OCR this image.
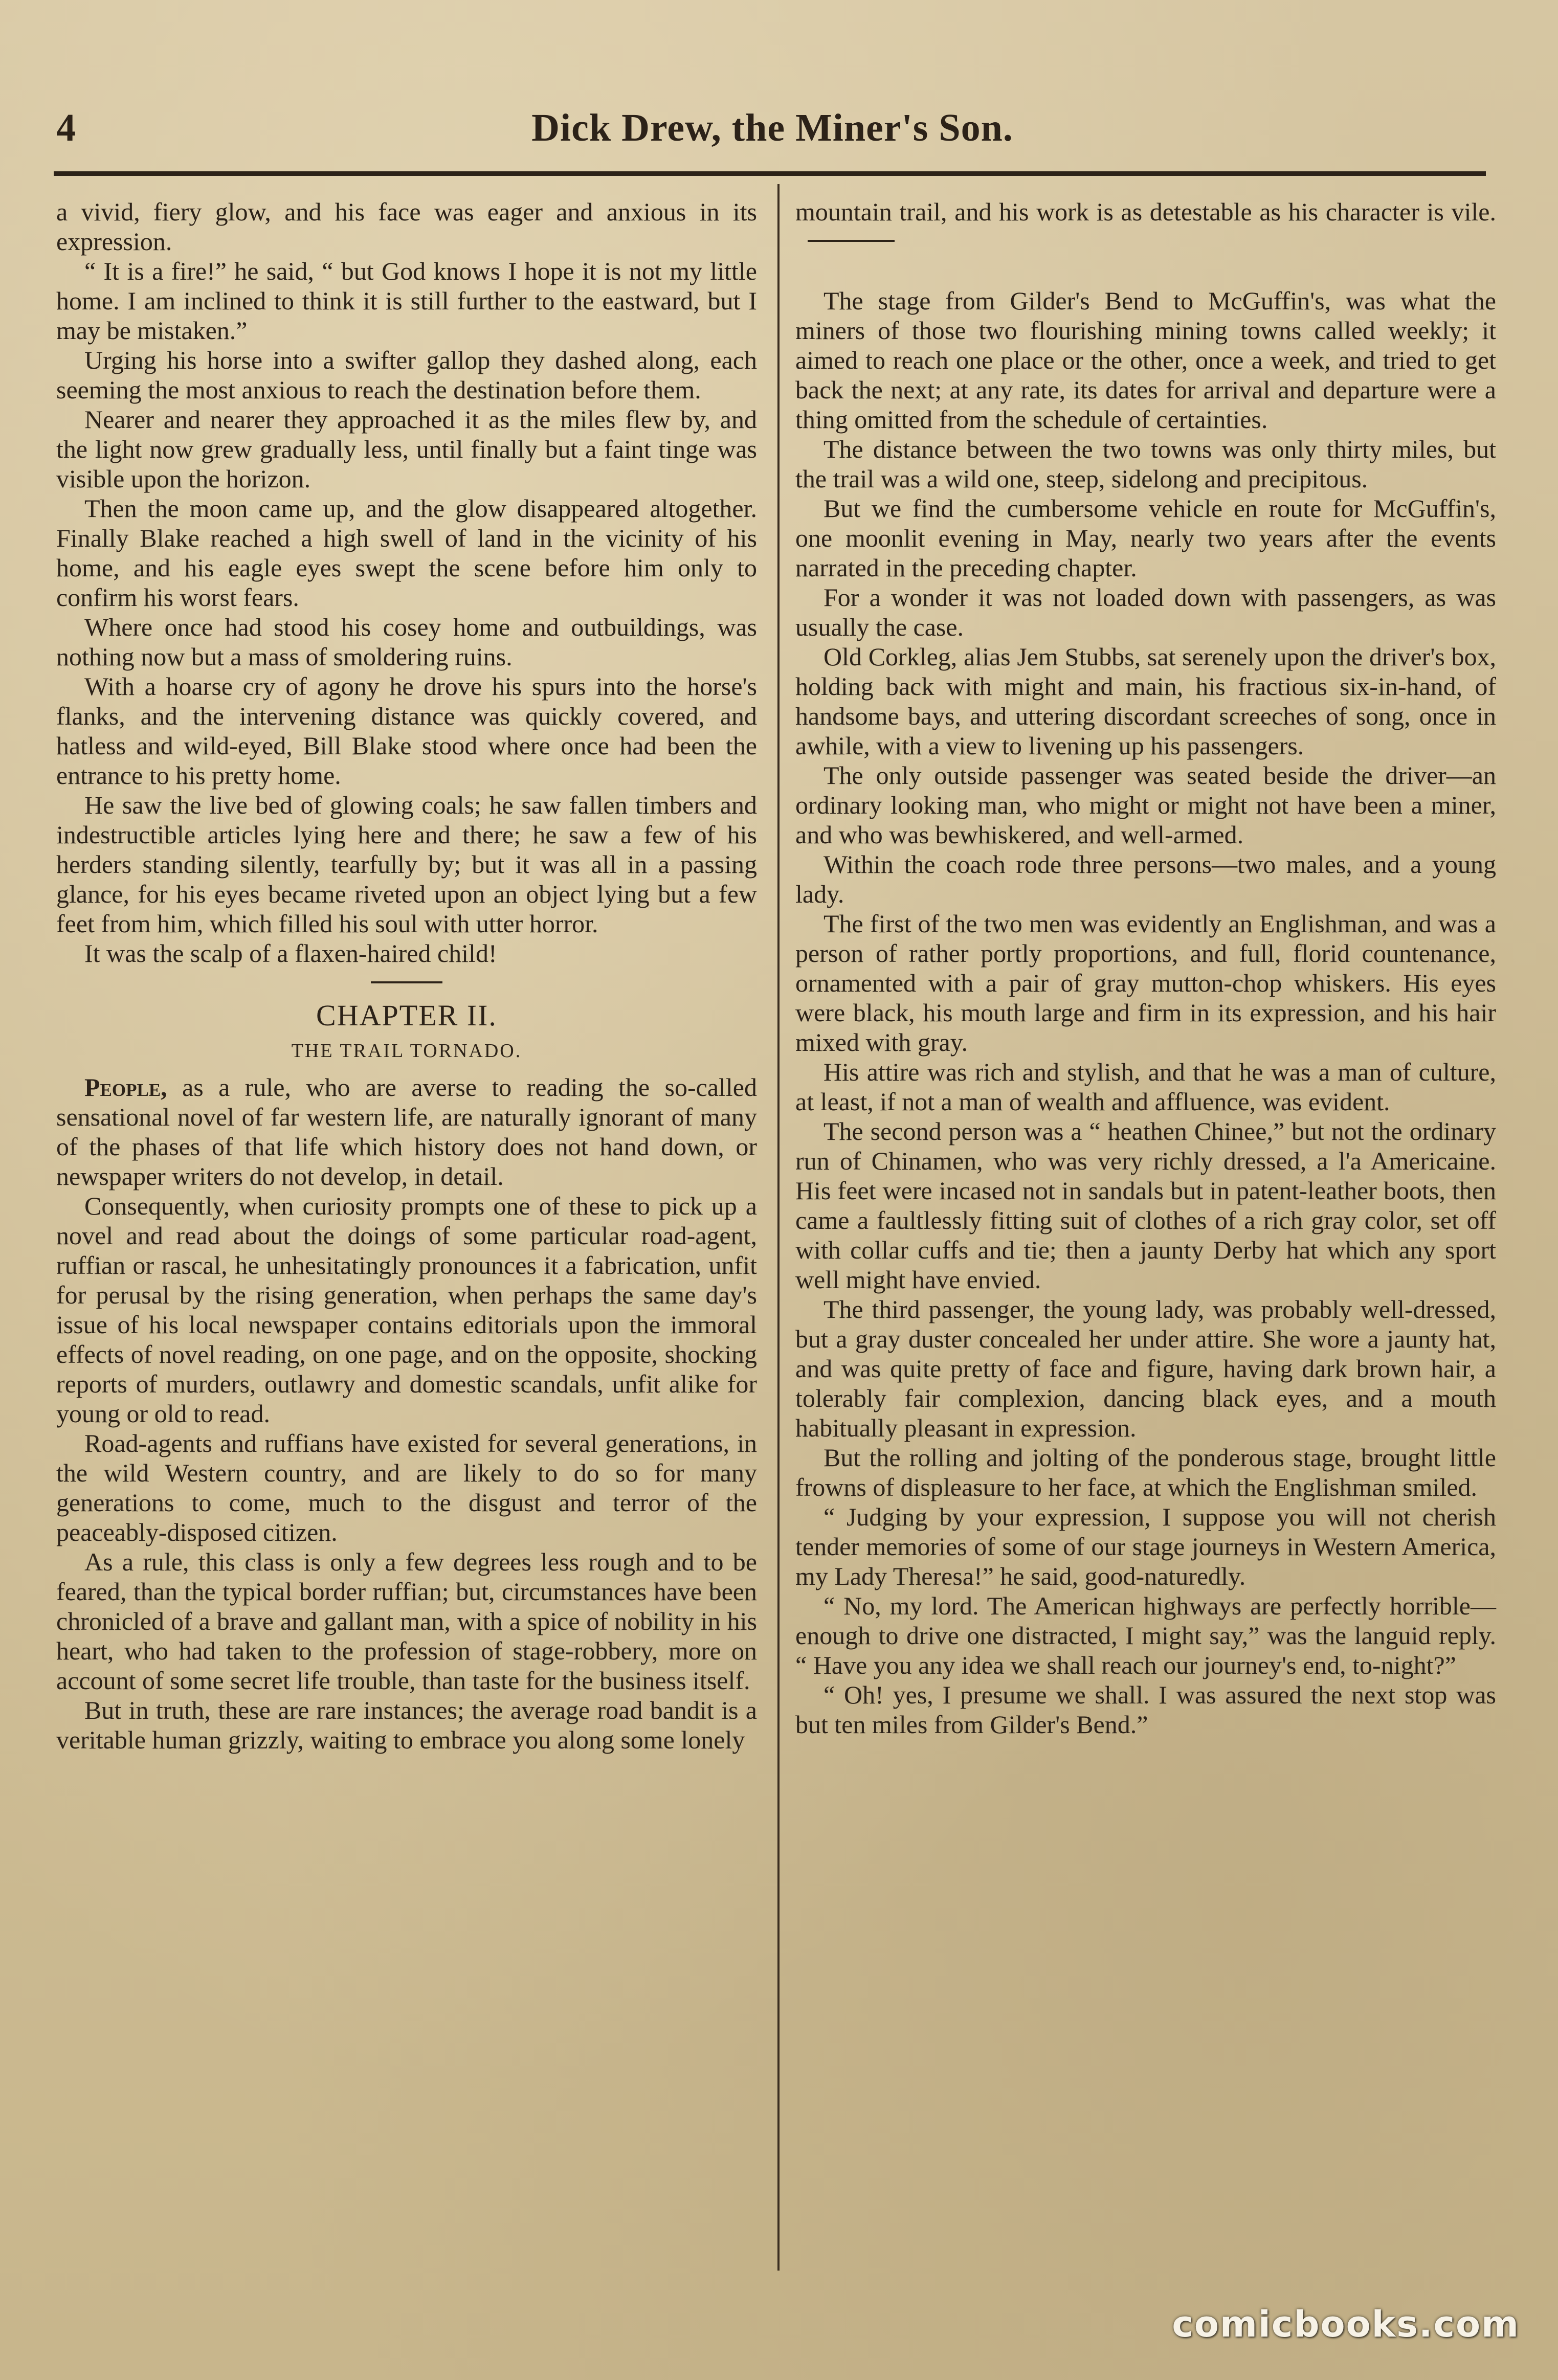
4	Dick Drew, the Miner's Son.

a vivid, fiery glow, and his face was eager and anxious in its expression.

“ It is a fire!” he said, “ but God knows I hope it is not my little home. I am inclined to think it is still further to the eastward, but I may be mistaken.”

Urging his horse into a swifter gallop they dashed along, each seeming the most anxious to reach the destination before them.

Nearer and nearer they approached it as the miles flew by, and the light now grew gradually less, until finally but a faint tinge was visible upon the horizon.

Then the moon came up, and the glow disappeared altogether. Finally Blake reached a high swell of land in the vicinity of his home, and his eagle eyes swept the scene before him only to confirm his worst fears.

Where once had stood his cosey home and outbuildings, was nothing now but a mass of smoldering ruins.

With a hoarse cry of agony he drove his spurs into the horse's flanks, and the intervening distance was quickly covered, and hatless and wild-eyed, Bill Blake stood where once had been the entrance to his pretty home.

He saw the live bed of glowing coals; he saw fallen timbers and indestructible articles lying here and there; he saw a few of his herders standing silently, tearfully by; but it was all in a passing glance, for his eyes became riveted upon an object lying but a few feet from him, which filled his soul with utter horror.

It was the scalp of a flaxen-haired child!

CHAPTER II.
THE TRAIL TORNADO.

People, as a rule, who are averse to reading the so-called sensational novel of far western life, are naturally ignorant of many of the phases of that life which history does not hand down, or newspaper writers do not develop, in detail.

Consequently, when curiosity prompts one of these to pick up a novel and read about the doings of some particular road-agent, ruffian or rascal, he unhesitatingly pronounces it a fabrication, unfit for perusal by the rising generation, when perhaps the same day's issue of his local newspaper contains editorials upon the immoral effects of novel reading, on one page, and on the opposite, shocking reports of murders, outlawry and domestic scandals, unfit alike for young or old to read.

Road-agents and ruffians have existed for several generations, in the wild Western country, and are likely to do so for many generations to come, much to the disgust and terror of the peaceably-disposed citizen.

As a rule, this class is only a few degrees less rough and to be feared, than the typical border ruffian; but, circumstances have been chronicled of a brave and gallant man, with a spice of nobility in his heart, who had taken to the profession of stage-robbery, more on account of some secret life trouble, than taste for the business itself.

But in truth, these are rare instances; the average road bandit is a veritable human grizzly, waiting to embrace you along some lonely

mountain trail, and his work is as detestable as his character is vile.

The stage from Gilder's Bend to McGuffin's, was what the miners of those two flourishing mining towns called weekly; it aimed to reach one place or the other, once a week, and tried to get back the next; at any rate, its dates for arrival and departure were a thing omitted from the schedule of certainties.

The distance between the two towns was only thirty miles, but the trail was a wild one, steep, sidelong and precipitous.

But we find the cumbersome vehicle en route for McGuffin's, one moonlit evening in May, nearly two years after the events narrated in the preceding chapter.

For a wonder it was not loaded down with passengers, as was usually the case.

Old Corkleg, alias Jem Stubbs, sat serenely upon the driver's box, holding back with might and main, his fractious six-in-hand, of handsome bays, and uttering discordant screeches of song, once in awhile, with a view to livening up his passengers.

The only outside passenger was seated beside the driver—an ordinary looking man, who might or might not have been a miner, and who was bewhiskered, and well-armed.

Within the coach rode three persons—two males, and a young lady.

The first of the two men was evidently an Englishman, and was a person of rather portly proportions, and full, florid countenance, ornamented with a pair of gray mutton-chop whiskers. His eyes were black, his mouth large and firm in its expression, and his hair mixed with gray.

His attire was rich and stylish, and that he was a man of culture, at least, if not a man of wealth and affluence, was evident.

The second person was a “ heathen Chinee,” but not the ordinary run of Chinamen, who was very richly dressed, a l'a Americaine. His feet were incased not in sandals but in patent-leather boots, then came a faultlessly fitting suit of clothes of a rich gray color, set off with collar cuffs and tie; then a jaunty Derby hat which any sport well might have envied.

The third passenger, the young lady, was probably well-dressed, but a gray duster concealed her under attire. She wore a jaunty hat, and was quite pretty of face and figure, having dark brown hair, a tolerably fair complexion, dancing black eyes, and a mouth habitually pleasant in expression.

But the rolling and jolting of the ponderous stage, brought little frowns of displeasure to her face, at which the Englishman smiled.

“ Judging by your expression, I suppose you will not cherish tender memories of some of our stage journeys in Western America, my Lady Theresa!” he said, good-naturedly.

“ No, my lord. The American highways are perfectly horrible—enough to drive one distracted, I might say,” was the languid reply. “ Have you any idea we shall reach our journey's end, to-night?”

“ Oh! yes, I presume we shall. I was assured the next stop was but ten miles from Gilder's Bend.”

comicbooks.com
